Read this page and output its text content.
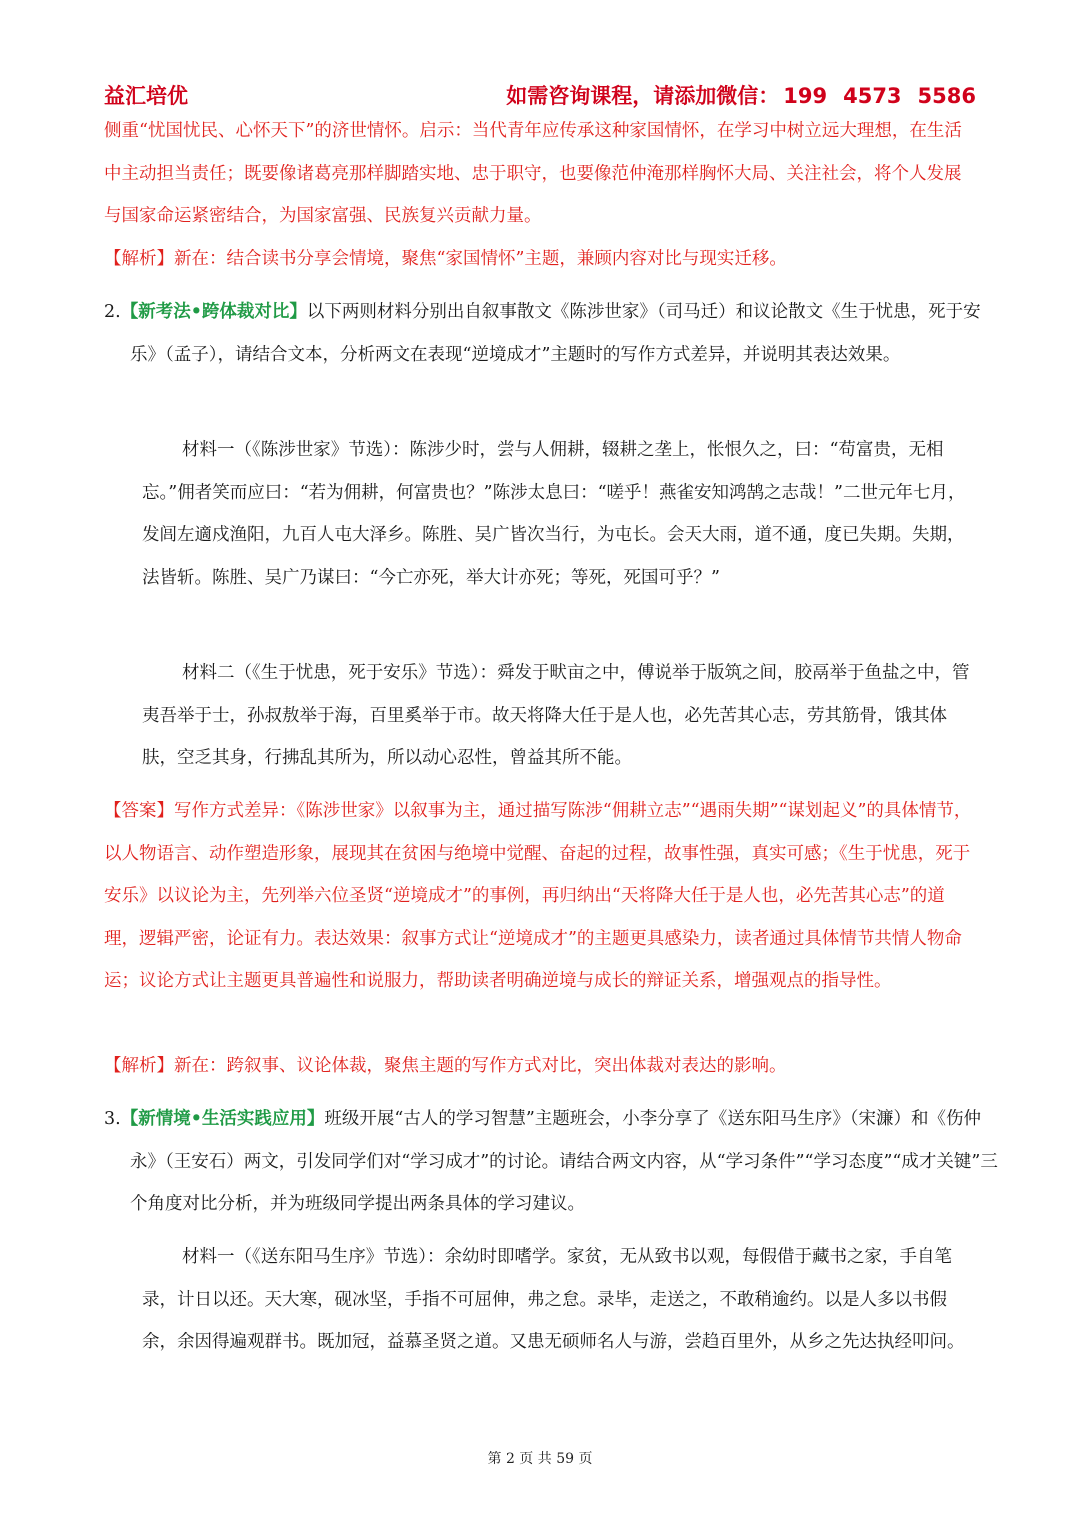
益汇培优	如需咨询课程，请添加微信： 199 4573 5586
侧重“忧国忧民、心怀天下”的济世情怀。启示：当代青年应传承这种家国情怀，在学习中树立远大理想，在生活中主动担当责任；既要像诸葛亮那样脚踏实地、忠于职守，也要像范仲淹那样胸怀大局、关注社会，将个人发展与国家命运紧密结合，为国家富强、民族复兴贡献力量。
【解析】新在：结合读书分享会情境，聚焦“家国情怀”主题，兼顾内容对比与现实迁移。
2.【新考法•跨体裁对比】以下两则材料分别出自叙事散文《陈涉世家》（司马迁）和议论散文《生于忧患，死于安乐》（孟子），请结合文本，分析两文在表现“逆境成才”主题时的写作方式差异，并说明其表达效果。
材料一（《陈涉世家》节选）：陈涉少时，尝与人佣耕，辍耕之垄上，怅恨久之，曰：“苟富贵，无相忘。”佣者笑而应曰：“若为佣耕，何富贵也？”陈涉太息曰：“嗟乎！燕雀安知鸿鹄之志哉！”二世元年七月，发闾左適戍渔阳，九百人屯大泽乡。陈胜、吴广皆次当行，为屯长。会天大雨，道不通，度已失期。失期，法皆斩。陈胜、吴广乃谋曰：“今亡亦死，举大计亦死；等死，死国可乎？”
材料二（《生于忧患，死于安乐》节选）：舜发于畎亩之中，傅说举于版筑之间，胶鬲举于鱼盐之中，管夷吾举于士，孙叔敖举于海，百里奚举于市。故天将降大任于是人也，必先苦其心志，劳其筋骨，饿其体肤，空乏其身，行拂乱其所为，所以动心忍性，曾益其所不能。
【答案】写作方式差异：《陈涉世家》以叙事为主，通过描写陈涉“佣耕立志”“遇雨失期”“谋划起义”的具体情节，以人物语言、动作塑造形象，展现其在贫困与绝境中觉醒、奋起的过程，故事性强，真实可感；《生于忧患，死于安乐》以议论为主，先列举六位圣贤“逆境成才”的事例，再归纳出“天将降大任于是人也，必先苦其心志”的道理，逻辑严密，论证有力。表达效果：叙事方式让“逆境成才”的主题更具感染力，读者通过具体情节共情人物命运；议论方式让主题更具普遍性和说服力，帮助读者明确逆境与成长的辩证关系，增强观点的指导性。
【解析】新在：跨叙事、议论体裁，聚焦主题的写作方式对比，突出体裁对表达的影响。
3.【新情境•生活实践应用】班级开展“古人的学习智慧”主题班会，小李分享了《送东阳马生序》（宋濂）和《伤仲永》（王安石）两文，引发同学们对“学习成才”的讨论。请结合两文内容，从“学习条件”“学习态度”“成才关键”三个角度对比分析，并为班级同学提出两条具体的学习建议。
材料一（《送东阳马生序》节选）：余幼时即嗜学。家贫，无从致书以观，每假借于藏书之家，手自笔录，计日以还。天大寒，砚冰坚，手指不可屈伸，弗之怠。录毕，走送之，不敢稍逾约。以是人多以书假余，余因得遍观群书。既加冠，益慕圣贤之道。又患无硕师名人与游，尝趋百里外，从乡之先达执经叩问。
第 2 页 共 59 页
